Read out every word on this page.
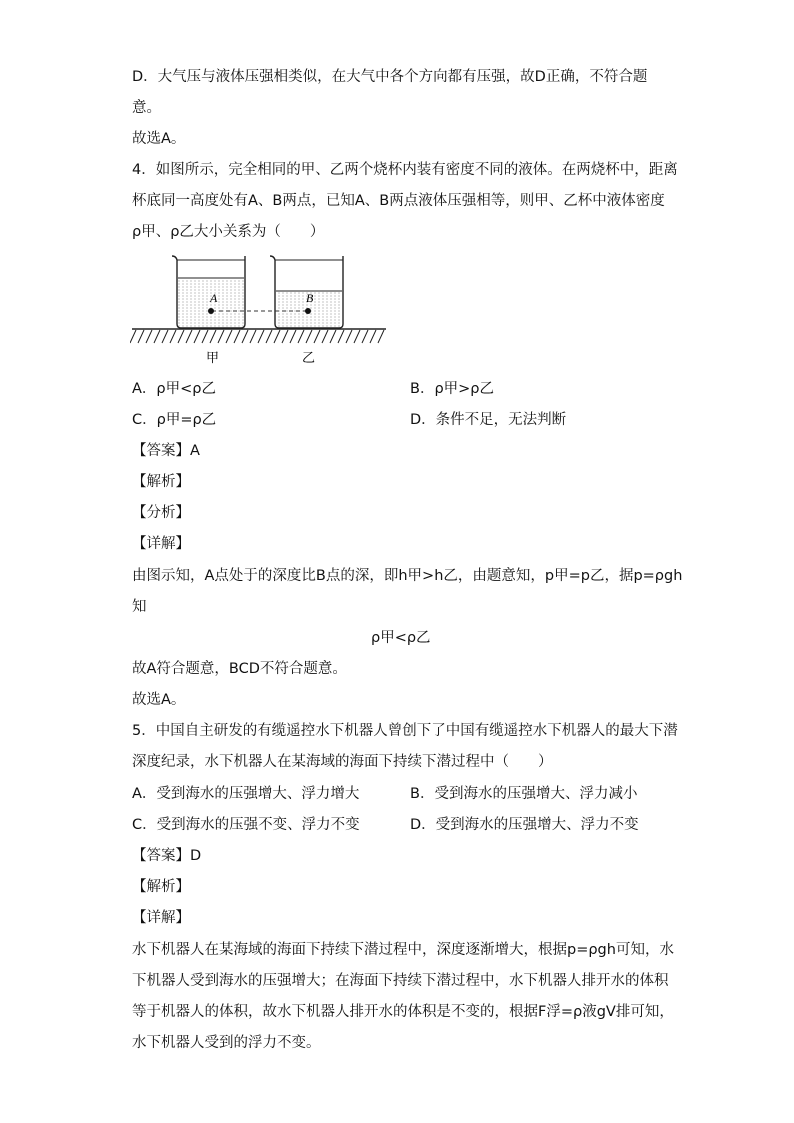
D．大气压与液体压强相类似，在大气中各个方向都有压强，故D正确，不符合题
意。
故选A。
4．如图所示，完全相同的甲、乙两个烧杯内装有密度不同的液体。在两烧杯中，距离
杯底同一高度处有A、B两点，已知A、B两点液体压强相等，则甲、乙杯中液体密度
ρ甲、ρ乙大小关系为（　　）
A	B
甲	乙
A．ρ甲<ρ乙	B．ρ甲>ρ乙
C．ρ甲=ρ乙	D．条件不足，无法判断
【答案】A
【解析】
【分析】
【详解】
由图示知，A点处于的深度比B点的深，即h甲>h乙，由题意知，p甲=p乙，据p=ρgh
知
ρ甲<ρ乙
故A符合题意，BCD不符合题意。
故选A。
5．中国自主研发的有缆遥控水下机器人曾创下了中国有缆遥控水下机器人的最大下潜
深度纪录，水下机器人在某海域的海面下持续下潜过程中（　　）
A．受到海水的压强增大、浮力增大	B．受到海水的压强增大、浮力减小
C．受到海水的压强不变、浮力不变	D．受到海水的压强增大、浮力不变
【答案】D
【解析】
【详解】
水下机器人在某海域的海面下持续下潜过程中，深度逐渐增大，根据p=ρgh可知，水
下机器人受到海水的压强增大；在海面下持续下潜过程中，水下机器人排开水的体积
等于机器人的体积，故水下机器人排开水的体积是不变的，根据F浮=ρ液gV排可知，
水下机器人受到的浮力不变。
